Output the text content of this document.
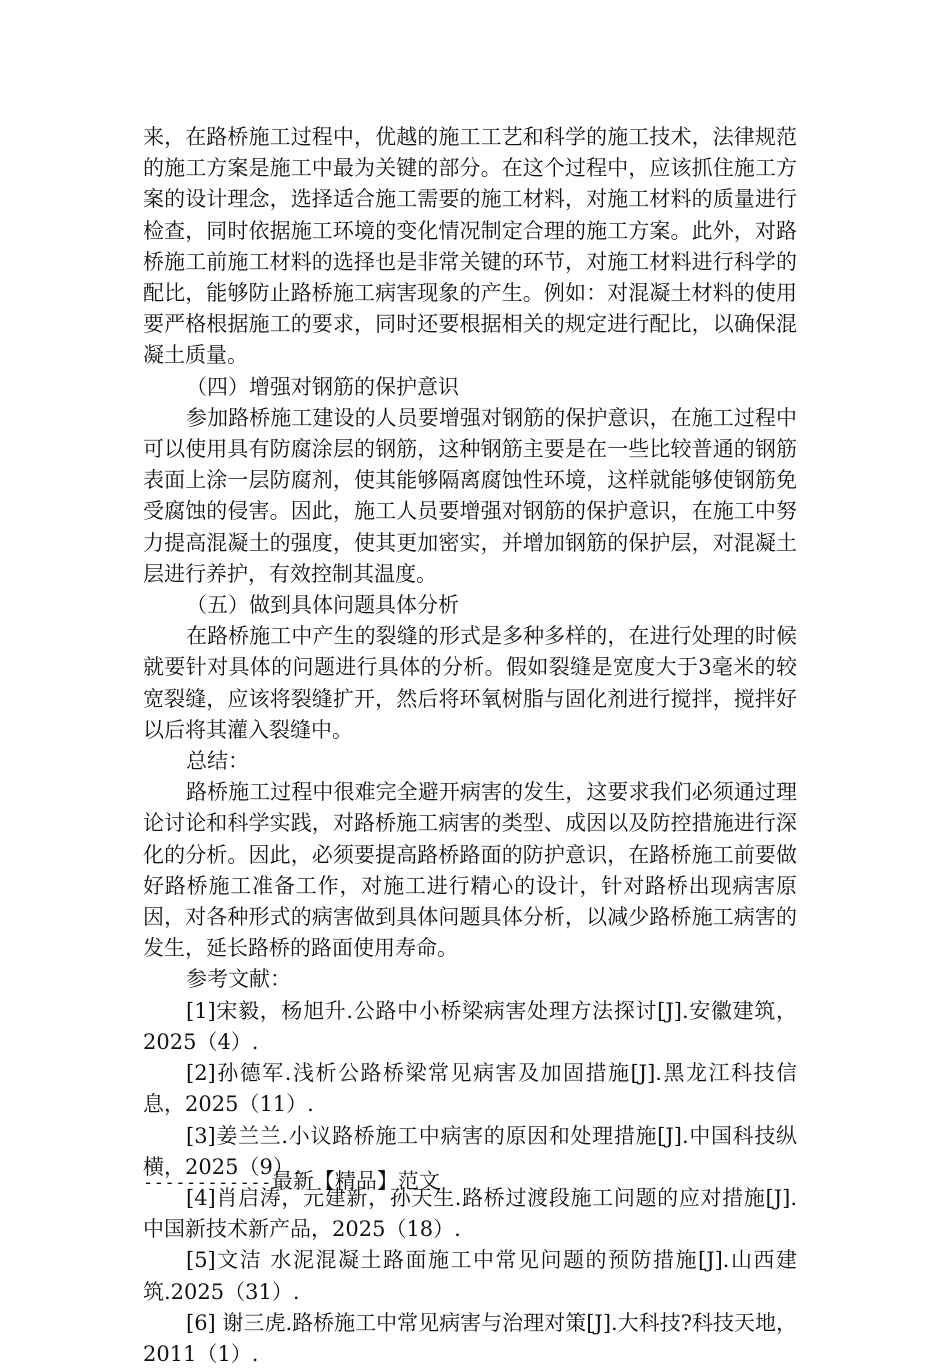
来，在路桥施工过程中，优越的施工工艺和科学的施工技术，法律规范的施工方案是施工中最为关键的部分。在这个过程中，应该抓住施工方案的设计理念，选择适合施工需要的施工材料，对施工材料的质量进行检查，同时依据施工环境的变化情况制定合理的施工方案。此外，对路桥施工前施工材料的选择也是非常关键的环节，对施工材料进行科学的配比，能够防止路桥施工病害现象的产生。例如：对混凝土材料的使用要严格根据施工的要求，同时还要根据相关的规定进行配比，以确保混凝土质量。

（四）增强对钢筋的保护意识

参加路桥施工建设的人员要增强对钢筋的保护意识，在施工过程中可以使用具有防腐涂层的钢筋，这种钢筋主要是在一些比较普通的钢筋表面上涂一层防腐剂，使其能够隔离腐蚀性环境，这样就能够使钢筋免受腐蚀的侵害。因此，施工人员要增强对钢筋的保护意识，在施工中努力提高混凝土的强度，使其更加密实，并增加钢筋的保护层，对混凝土层进行养护，有效控制其温度。

（五）做到具体问题具体分析

在路桥施工中产生的裂缝的形式是多种多样的，在进行处理的时候就要针对具体的问题进行具体的分析。假如裂缝是宽度大于3毫米的较宽裂缝，应该将裂缝扩开，然后将环氧树脂与固化剂进行搅拌，搅拌好以后将其灌入裂缝中。

总结：

路桥施工过程中很难完全避开病害的发生，这要求我们必须通过理论讨论和科学实践，对路桥施工病害的类型、成因以及防控措施进行深化的分析。因此，必须要提高路桥路面的防护意识，在路桥施工前要做好路桥施工准备工作，对施工进行精心的设计，针对路桥出现病害原因，对各种形式的病害做到具体问题具体分析，以减少路桥施工病害的发生，延长路桥的路面使用寿命。

参考文献：

[1]宋毅，杨旭升.公路中小桥梁病害处理方法探讨[J].安徽建筑，2025（4）.

[2]孙德军.浅析公路桥梁常见病害及加固措施[J].黑龙江科技信息，2025（11）.

[3]姜兰兰.小议路桥施工中病害的原因和处理措施[J].中国科技纵横，2025（9）.

[4]肖启涛，元建新，孙天生.路桥过渡段施工问题的应对措施[J].中国新技术新产品，2025（18）.

[5]文洁 水泥混凝土路面施工中常见问题的预防措施[J].山西建筑.2025（31）.

[6] 谢三虎.路桥施工中常见病害与治理对策[J].大科技?科技天地，2011（1）.

------------最新【精品】范文
